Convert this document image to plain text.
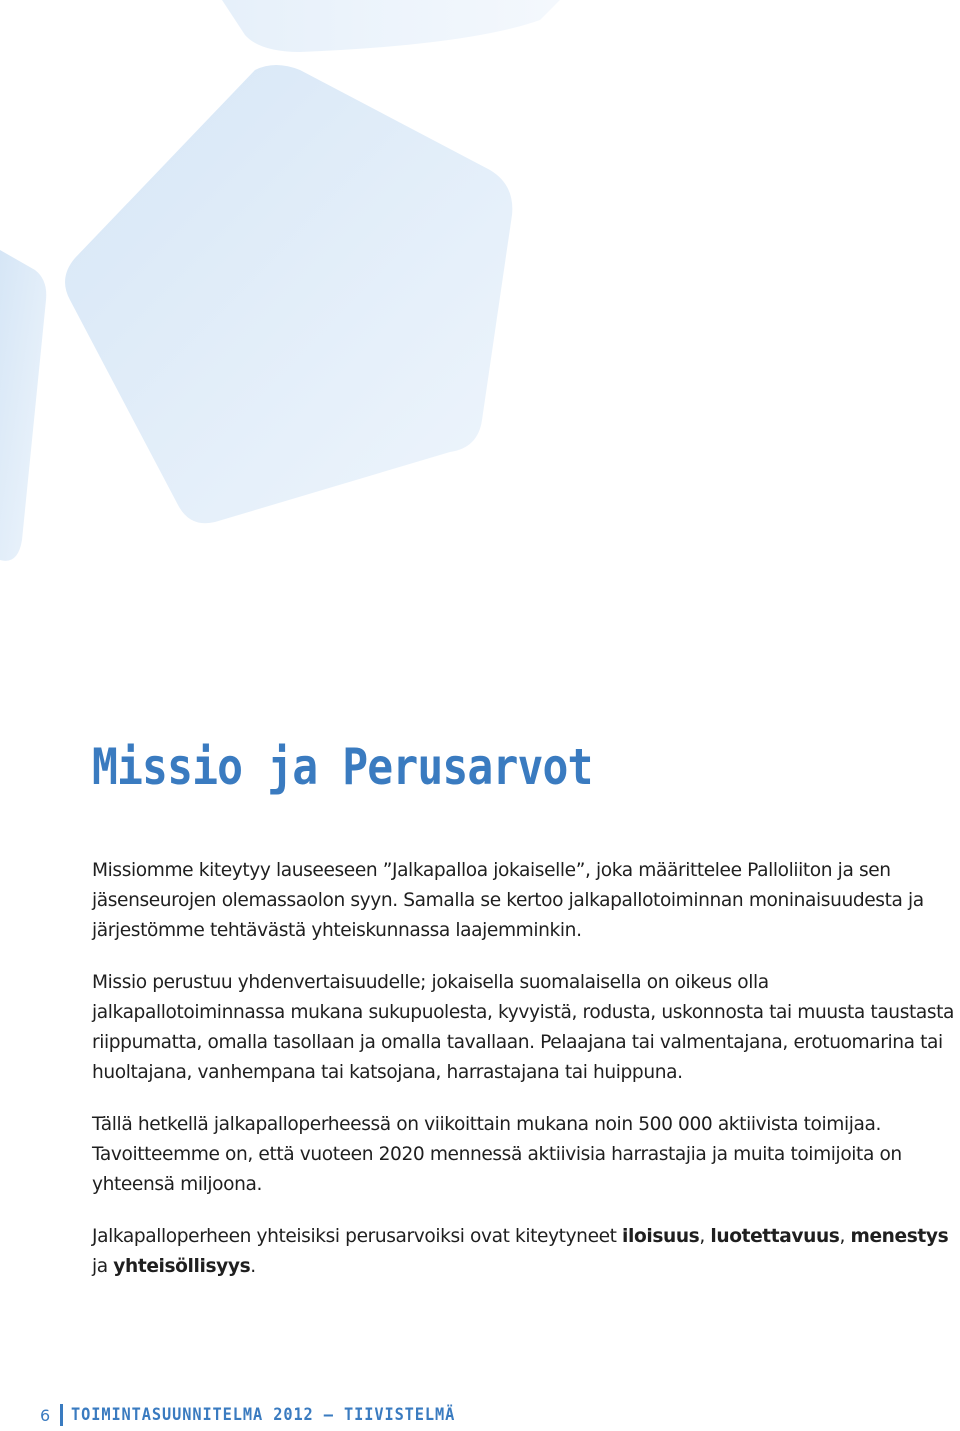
Missio ja Perusarvot

Missiomme kiteytyy lauseeseen ”Jalkapalloa jokaiselle”, joka määrittelee Palloliiton ja sen jäsenseurojen olemassaolon syyn. Samalla se kertoo jalkapallotoiminnan moninaisuudesta ja järjestömme tehtävästä yhteiskunnassa laajemminkin.

Missio perustuu yhdenvertaisuudelle; jokaisella suomalaisella on oikeus olla jalkapallotoiminnassa mukana sukupuolesta, kyvyistä, rodusta, uskonnosta tai muusta taustasta riippumatta, omalla tasollaan ja omalla tavallaan. Pelaajana tai valmentajana, erotuomarina tai huoltajana, vanhempana tai katsojana, harrastajana tai huippuna.

Tällä hetkellä jalkapalloperheessä on viikoittain mukana noin 500 000 aktiivista toimijaa. Tavoitteemme on, että vuoteen 2020 mennessä aktiivisia harrastajia ja muita toimijoita on yhteensä miljoona.

Jalkapalloperheen yhteisiksi perusarvoiksi ovat kiteytyneet iloisuus, luotettavuus, menestys ja yhteisöllisyys.

6 TOIMINTASUUNNITELMA 2012 — TIIVISTELMÄ
